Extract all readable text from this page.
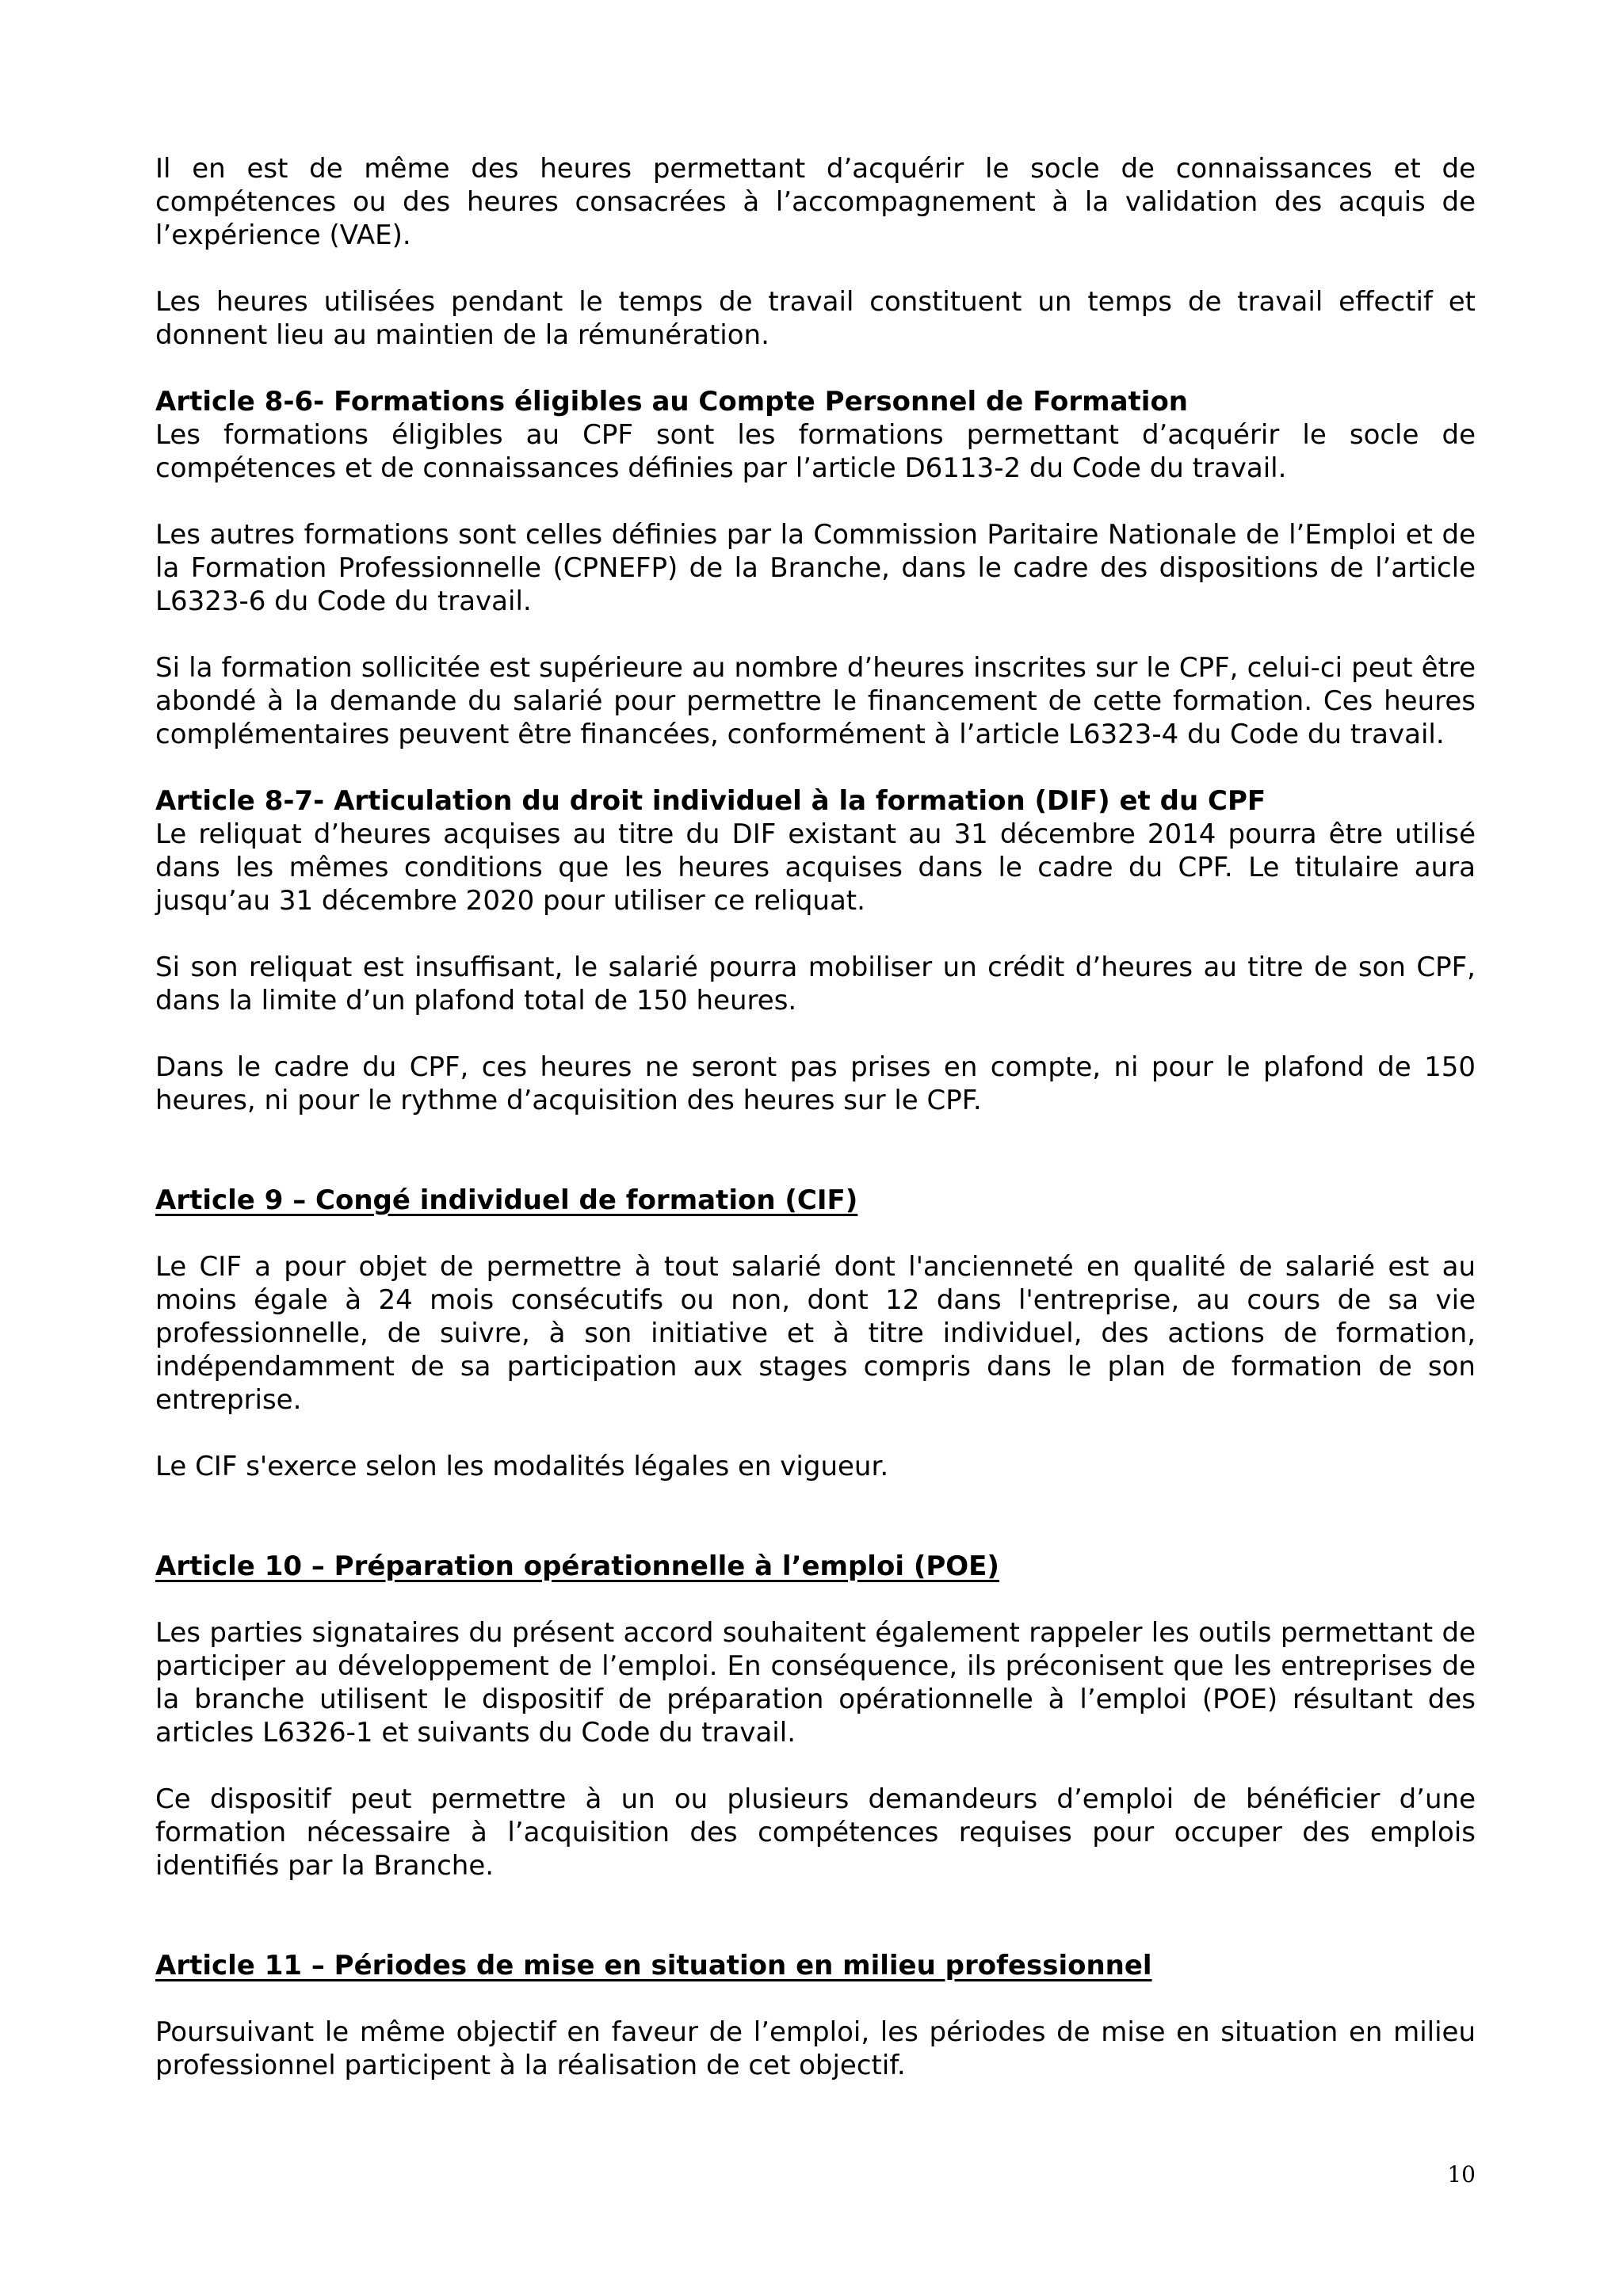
Il en est de même des heures permettant d’acquérir le socle de connaissances et de compétences ou des heures consacrées à l’accompagnement à la validation des acquis de l’expérience (VAE).

Les heures utilisées pendant le temps de travail constituent un temps de travail effectif et donnent lieu au maintien de la rémunération.

Article 8-6- Formations éligibles au Compte Personnel de Formation

Les formations éligibles au CPF sont les formations permettant d’acquérir le socle de compétences et de connaissances définies par l’article D6113-2 du Code du travail.

Les autres formations sont celles définies par la Commission Paritaire Nationale de l’Emploi et de la Formation Professionnelle (CPNEFP) de la Branche, dans le cadre des dispositions de l’article L6323-6 du Code du travail.

Si la formation sollicitée est supérieure au nombre d’heures inscrites sur le CPF, celui-ci peut être abondé à la demande du salarié pour permettre le financement de cette formation. Ces heures complémentaires peuvent être financées, conformément à l’article L6323-4 du Code du travail.

Article 8-7- Articulation du droit individuel à la formation (DIF) et du CPF

Le reliquat d’heures acquises au titre du DIF existant au 31 décembre 2014 pourra être utilisé dans les mêmes conditions que les heures acquises dans le cadre du CPF. Le titulaire aura jusqu’au 31 décembre 2020 pour utiliser ce reliquat.

Si son reliquat est insuffisant, le salarié pourra mobiliser un crédit d’heures au titre de son CPF, dans la limite d’un plafond total de 150 heures.

Dans le cadre du CPF, ces heures ne seront pas prises en compte, ni pour le plafond de 150 heures, ni pour le rythme d’acquisition des heures sur le CPF.

Article 9 – Congé individuel de formation (CIF)

Le CIF a pour objet de permettre à tout salarié dont l'ancienneté en qualité de salarié est au moins égale à 24 mois consécutifs ou non, dont 12 dans l'entreprise, au cours de sa vie professionnelle, de suivre, à son initiative et à titre individuel, des actions de formation, indépendamment de sa participation aux stages compris dans le plan de formation de son entreprise.

Le CIF s'exerce selon les modalités légales en vigueur.

Article 10 – Préparation opérationnelle à l’emploi (POE)

Les parties signataires du présent accord souhaitent également rappeler les outils permettant de participer au développement de l’emploi. En conséquence, ils préconisent que les entreprises de la branche utilisent le dispositif de préparation opérationnelle à l’emploi (POE) résultant des articles L6326-1 et suivants du Code du travail.

Ce dispositif peut permettre à un ou plusieurs demandeurs d’emploi de bénéficier d’une formation nécessaire à l’acquisition des compétences requises pour occuper des emplois identifiés par la Branche.

Article 11 – Périodes de mise en situation en milieu professionnel

Poursuivant le même objectif en faveur de l’emploi, les périodes de mise en situation en milieu professionnel participent à la réalisation de cet objectif.

10
